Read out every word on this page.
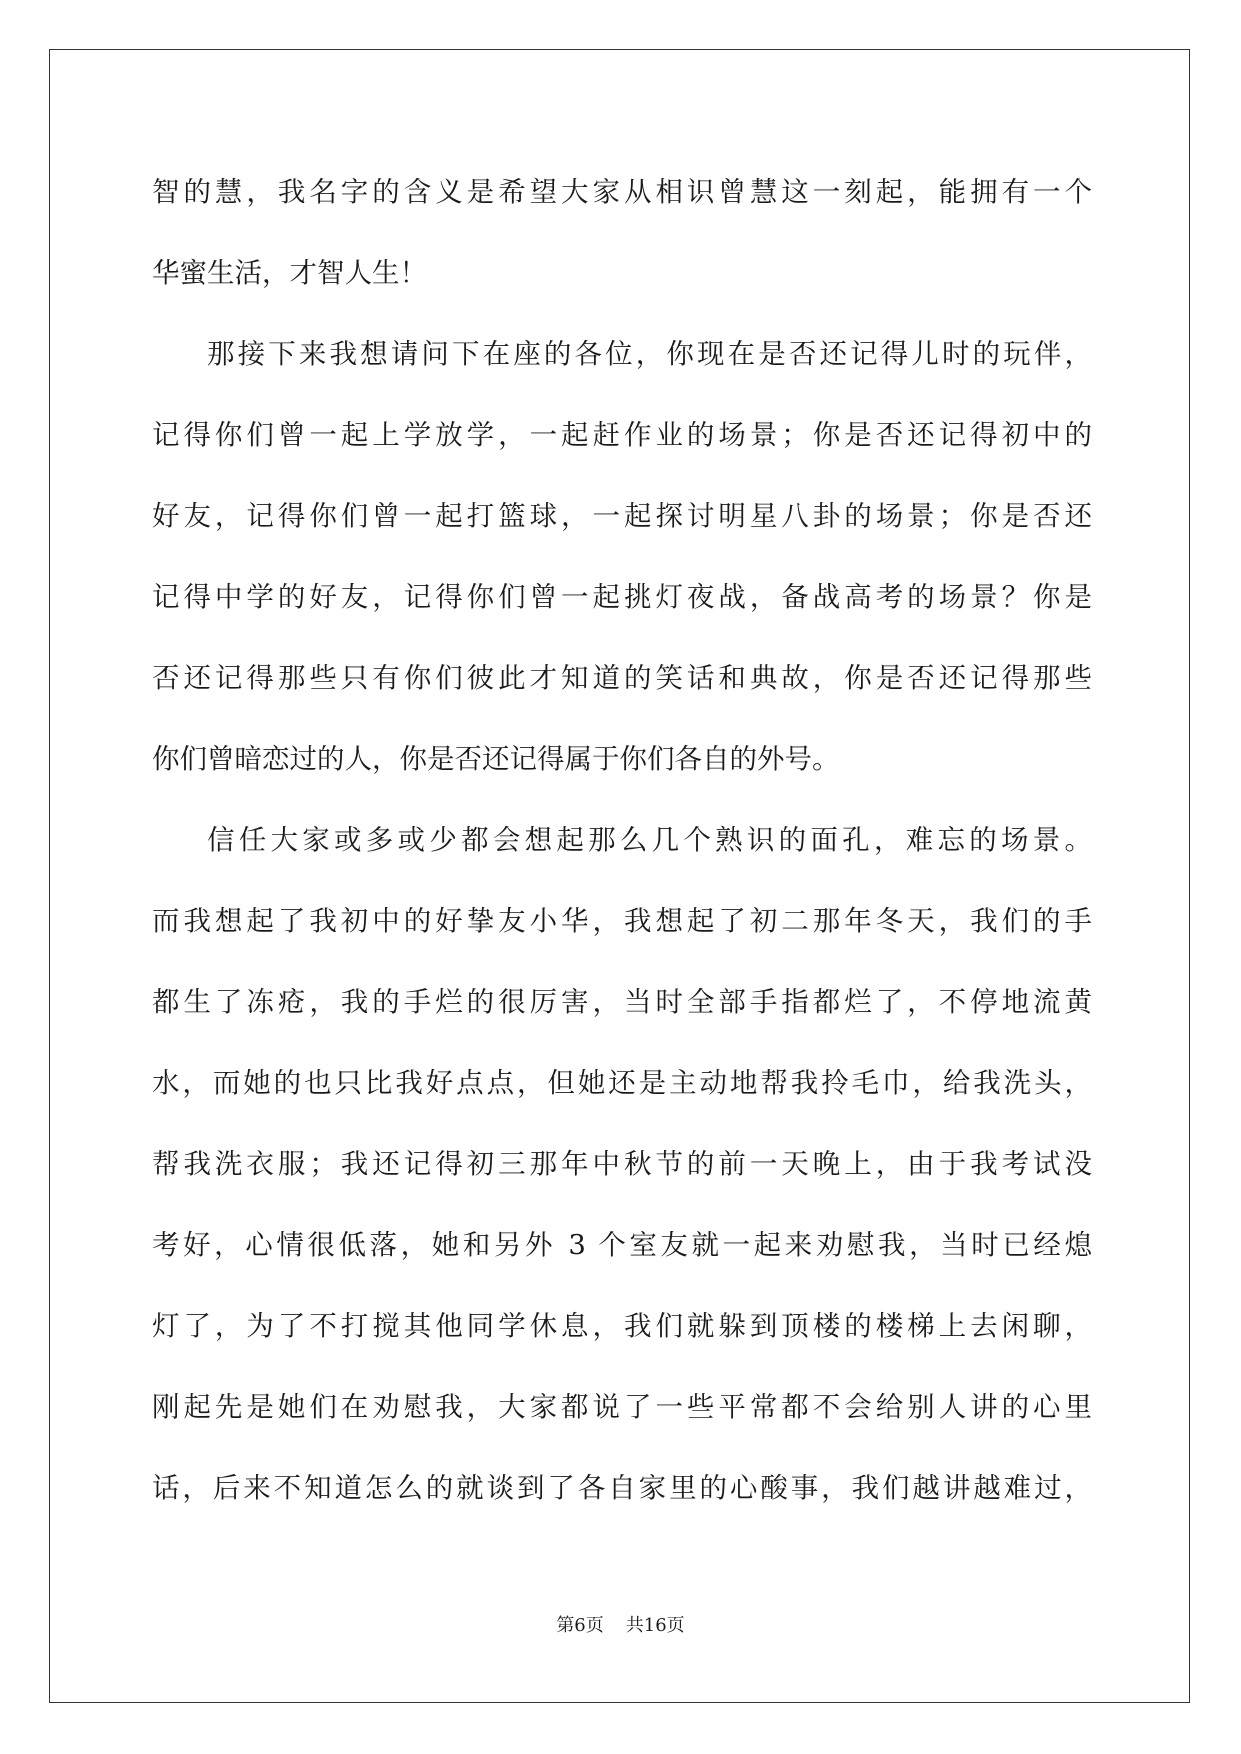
智的慧，我名字的含义是希望大家从相识曾慧这一刻起，能拥有一个
华蜜生活，才智人生！
那接下来我想请问下在座的各位，你现在是否还记得儿时的玩伴，
记得你们曾一起上学放学，一起赶作业的场景；你是否还记得初中的
好友，记得你们曾一起打篮球，一起探讨明星八卦的场景；你是否还
记得中学的好友，记得你们曾一起挑灯夜战，备战高考的场景？你是
否还记得那些只有你们彼此才知道的笑话和典故，你是否还记得那些
你们曾暗恋过的人，你是否还记得属于你们各自的外号。
信任大家或多或少都会想起那么几个熟识的面孔，难忘的场景。
而我想起了我初中的好挚友小华，我想起了初二那年冬天，我们的手
都生了冻疮，我的手烂的很厉害，当时全部手指都烂了，不停地流黄
水，而她的也只比我好点点，但她还是主动地帮我拎毛巾，给我洗头，
帮我洗衣服；我还记得初三那年中秋节的前一天晚上，由于我考试没
考好，心情很低落，她和另外 3 个室友就一起来劝慰我，当时已经熄
灯了，为了不打搅其他同学休息，我们就躲到顶楼的楼梯上去闲聊，
刚起先是她们在劝慰我，大家都说了一些平常都不会给别人讲的心里
话，后来不知道怎么的就谈到了各自家里的心酸事，我们越讲越难过，
第6页 共16页
